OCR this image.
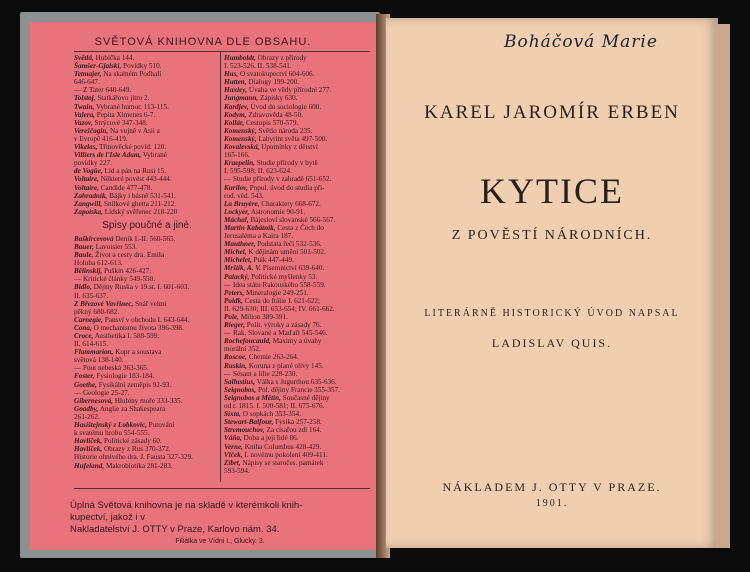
SVĚTOVÁ KNIHOVNA DLE OBSAHU.
Světlá, Hubička 144.
Šamšer-Gjalski, Povídky 510.
Tetmajer, Na skalném Podhalí
646-647.
— Z Tater 648-649.
Tolstoj, Statkářovo jitro 2.
Twain, Vybrané humor. 113-115.
Valera, Pepita Ximenes 6-7.
Vazov, Strýcové 347-348.
Vereščagin, Na vojně v Asii a
v Evropě 416-419.
Vikelas, Třinověcké povíd. 120.
Villiers de l'Isle Adam, Vybrané
povídky 227.
de Vogüe, Lid a pán na Rusi 15.
Voltaire, Některé povést 443-444.
Voltaire, Candide 477-478.
Zahradník, Bájky i básně 531-541.
Zangwill, Snílkové ghetta 211-212.
Zapolska, Lidský svěřenec 218-220
Spisy poučné a jiné.
Baškircevová Deník I.-II. 560-565.
Bauer, Lavoisier 553.
Baule, Život a cesty dra. Emila
Holuba 612-613.
Bělinskij, Puškin 426-427.
— Kritické články 549-550.
Bidlo, Dějiny Ruska v 19.st. I. 601-603.
II. 635-637.
Z Březové Vavřinec, Snář velmi
pěkný 680-682.
Carnegie, Pansví v obchodu I. 643-644.
Cona, O mechanismu života 396-398.
Croce, Aesthetika I. 588-599;
II. 614-615.
Flammarion, Kopr a soustava
světová 138-140.
— Pout nebeská 363-365.
Foster, Fysiologie 183-184.
Goethe, Fysikální zeměpis 92-93.
— Geologie 25-27.
Gibernesová, Hlubiny moře 333-335.
Goadby, Anglie za Shakespeara
261-262.
Hasištejnský z Lobkovic, Putování
k svatému hrobu 554-555.
Havlíček, Politické zásady 60.
Havlíček, Obrazy z Rus 370-372.
Historie ohnivého dra. J. Fausta 327-329.
Hufeland, Makrobiotika 281-283.
Humboldt, Obrazy z přírody
I. 523-526. II. 538-541.
Hus, O svatokupectví 604-606.
Hutten, Dialogy 199-200.
Huxley, Úvaha ve vědy přírodní 277.
Jungmann, Zápisky 630.
Kardjev, Úvod do sociologie 600.
Kodym, Zdravověda 48-50.
Kollár, Cestopis 570-579.
Komenský, Světlo národa 235.
Komenský, Labyrint světa 497-500.
Kovalevská, Upomínky z dětství
165-166.
Kraepelin, Studie přírody v bytě
I. 595-598; II. 623-624.
— Studie přírody v zahradě 651-652.
Kurilov, Popul. úvod do studia pří-
rod. věd. 543.
La Bruyère, Charaktery 668-672.
Lockyer, Astronomie 90-91.
Máchal, Bájesloví slovanské 566-567.
Martin Kabátník, Cesta z Čech do
Jerusaléma a Kaira 187.
Mauthner, Podstata řeči 532-536.
Michel, K dějinám umění 501-502.
Michelet, Pták 447-449.
Mrštík, A. V. Písemnictví 639-640.
Palacký, Politické myšlenky 53.
— Idea státu Rakouského 558-559.
Peters, Mineralogie 249-251.
Poldk, Cesta do Itálie I. 621-622;
II. 629-630; III. 653-654; IV. 661-662.
Pole, Milion 389-391.
Rieger, Polit. výroky a zásady 76.
— Rak. Slované a Maďaři 545-546.
Rochefoucauld, Maximy a úvahy
morální 352.
Roscoe, Chemie 263-264.
Ruskin, Koruna z plané olivy 145.
— Sésam a lilie 228-230.
Sallustius, Válka s Jugurthou 635-636.
Seignobos, Pol. dějiny Francie 355-357.
Seignobos a Mětin, Současné dějiny
od r. 1815. I. 500-581; II. 675-676.
Sixta, O sopkách 353-354.
Stewart-Balfour, Fysika 257-258.
Stremouchov, Za císařou zdi 164.
Váňa, Doba a její lidé 86.
Verne, Kniha Columbus 428-429.
Vlček, I. novému pokolení 409-411.
Zíbrt, Nápisy se staročes. památek
593-594.
Úplná Světová knihovna je na skladě v kterémkoli knih-
kupectví, jakož i v
Nakladatelství J. OTTY v Praze, Karlovo nám. 34.
Filiálka ve Vídni I., Glucky. 3.
Boháčová Marie
KAREL JAROMÍR ERBEN
KYTICE
Z POVĚSTÍ NÁRODNÍCH.
LITERÁRNĚ HISTORICKÝ ÚVOD NAPSAL
LADISLAV QUIS.
NÁKLADEM J. OTTY V PRAZE.
1901.
